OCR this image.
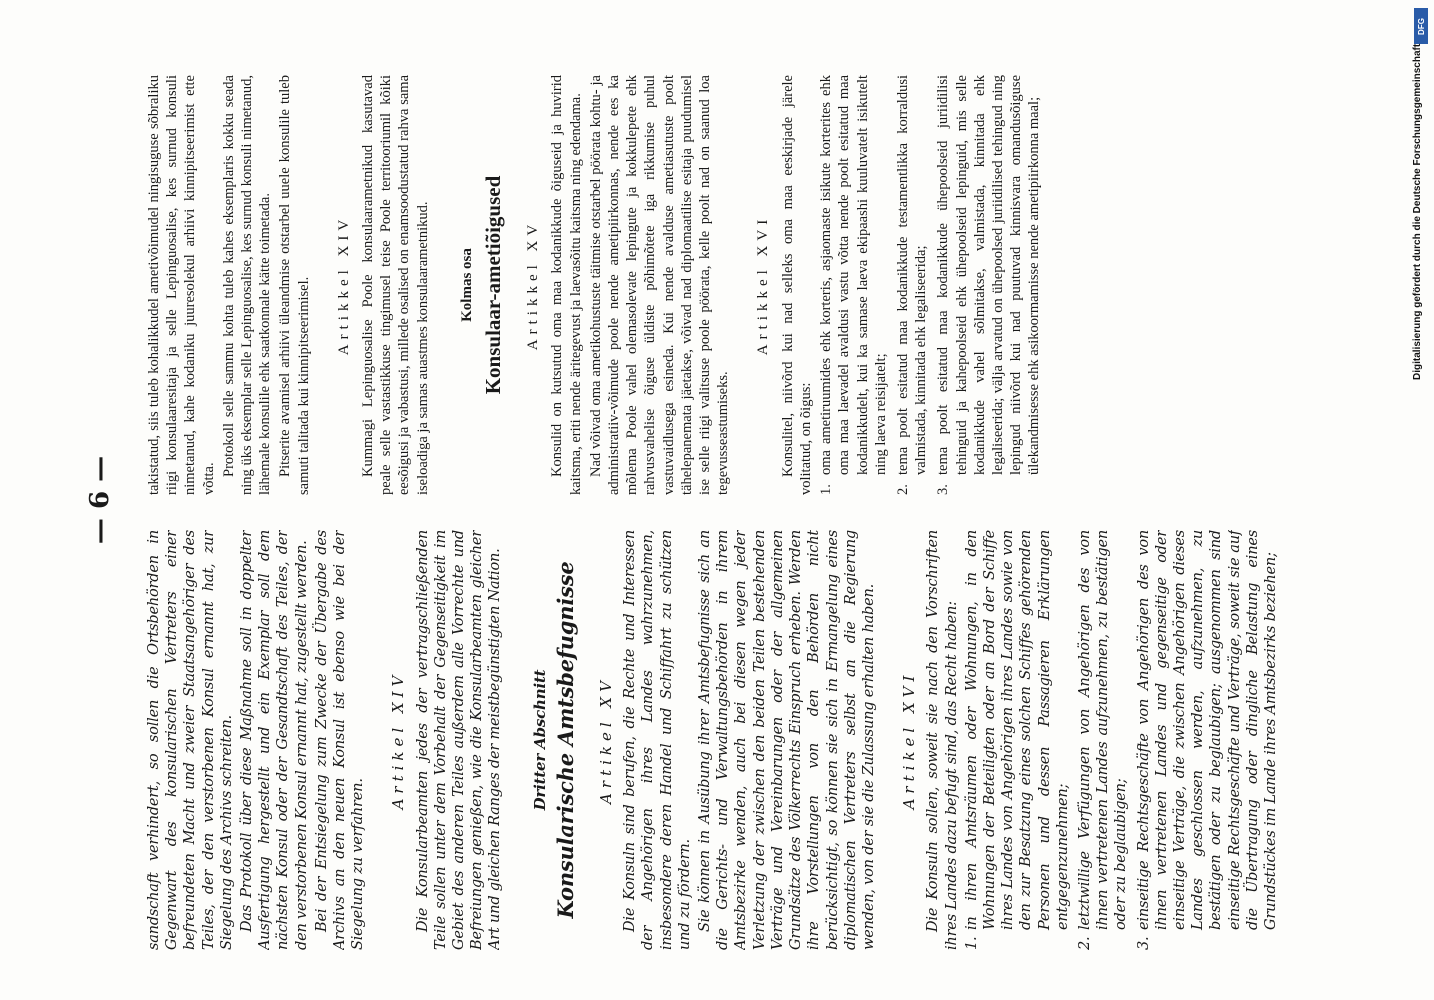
— 6 —

sandschaft verhindert, so sollen die Ortsbehörden in Gegenwart des konsularischen Vertreters einer befreundeten Macht und zweier Staatsangehöriger des Teiles, der den verstorbenen Konsul ernannt hat, zur Siegelung des Archivs schreiten. Das Protokoll über diese Maßnahme soll in doppelter Ausfertigung hergestellt und ein Exemplar soll dem nächsten Konsul oder der Gesandtschaft des Teiles, der den verstorbenen Konsul ernannt hat, zugestellt werden. Bei der Entsiegelung zum Zwecke der Übergabe des Archivs an den neuen Konsul ist ebenso wie bei der Siegelung zu verfahren.

Artikel XIV Die Konsularbeamten jedes der vertragschließenden Teile sollen unter dem Vorbehalt der Gegenseitigkeit im Gebiet des anderen Teiles außerdem alle Vorrechte und Befreiungen genießen, wie die Konsularbeamten gleicher Art und gleichen Ranges der meistbegünstigten Nation. Dritter Abschnitt Konsularische Amtsbefugnisse Artikel XV Die Konsuln sind berufen, die Rechte und Interessen der Angehörigen ihres Landes wahrzunehmen, insbesondere deren Handel und Schiffahrt zu schützen und zu fördern. Sie können in Ausübung ihrer Amtsbefugnisse sich an die Gerichts- und Verwaltungsbehörden in ihrem Amtsbezirke wenden, auch bei diesen wegen jeder Verletzung der zwischen den beiden Teilen bestehenden Verträge und Vereinbarungen oder der allgemeinen Grundsätze des Völkerrechts Einspruch erheben. Werden ihre Vorstellungen von den Behörden nicht berücksichtigt, so können sie sich in Ermangelung eines diplomatischen Vertreters selbst an die Regierung wenden, von der sie die Zulassung erhalten haben. Artikel XVI Die Konsuln sollen, soweit sie nach den Vorschriften ihres Landes dazu befugt sind, das Recht haben: 1.
in ihren Amtsräumen oder Wohnungen, in den Wohnungen der Beteiligten oder an Bord der Schiffe ihres Landes von Angehörigen ihres Landes sowie von den zur Besatzung eines solchen Schiffes gehörenden Personen und dessen Passagieren Erklärungen entgegenzunehmen;
2.
letztwillige Verfügungen von Angehörigen des von ihnen vertretenen Landes aufzunehmen, zu bestätigen oder zu beglaubigen;
3.
einseitige Rechtsgeschäfte von Angehörigen des von ihnen vertretenen Landes und gegenseitige oder einseitige Verträge, die zwischen Angehörigen dieses Landes geschlossen werden, aufzunehmen, zu bestätigen oder zu beglaubigen; ausgenommen sind einseitige Rechtsgeschäfte und Verträge, soweit sie auf die Übertragung oder dingliche Belastung eines Grundstückes im Lande ihres Amtsbezirks beziehen;

takistatud, siis tuleb kohalikkudel ametivõimudel ningisuguse sõbraliku riigi konsulaaresitaja ja selle Lepinguosalise, kes surnud konsuli nimetanud, kahe kodaniku juuresolekul arhiivi kinnipitseerimist ette võtta.

Protokoll selle sammu kohta tuleb kahes eksemplaris kokku seada ning üks eksemplar selle Lepinguosalise, kes surnud konsuli nimetanud, lähemale konsulile ehk saatkonnale kätte toimetada. Pitserite avamisel arhiivi üleandmise otstarbel uuele konsulile tuleb samuti talitada kui kinnipitseerimisel. Artikkel XIV Kummagi Lepinguosalise Poole konsulaarametnikud kasutavad peale selle vastastikkuse tingimusel teise Poole territooriumil kõiki eesõigusi ja vabastusi, millede osalised on enamsoodustatud rahva sama iseloadiga ja samas auastmes konsulaarametnikud. Kolmas osa Konsulaar-ametiõigused Artikkel XV Konsulid on kutsutud oma maa kodanikkude õiguseid ja huvirid kaitsma, eriti nende äritegevust ja laevasõitu kaitsma ning edendama. Nad võivad oma ametikohustuste täitmise otstarbel pöörata kohtu- ja administratiiv-võimude poole nende ametipiirkonnas, nende ees ka mõlema Poole vahel olemasolevate lepingute ja kokkulepete ehk rahvusvahelise õiguse üldiste põhimõtete iga rikkumise puhul vastuvaidlusega esineda. Kui nende avalduse ametiasutuste poolt tähelepanemata jäetakse, võivad nad diplomaatilise esitaja puudumisel ise selle riigi valitsuse poole pöörata, kelle poolt nad on saanud loa tegevusseastumiseks.

Artikkel XVI Konsulitel, niivõrd kui nad selleks oma maa eeskirjade järele volitatud, on õigus: 1.
oma ametiruumides ehk korteris, asjaomaste isikute korterites ehk oma maa laevadel avaldusi vastu võtta nende poolt esitatud maa kodanikkudelt, kui ka samase laeva ekipaashi kuuluvatelt isikutelt ning laeva reisijatelt;
2.
tema poolt esitatud maa kodanikkude testamentlikka korraldusi valmistada, kinnitada ehk legaliseerida;
3.
tema poolt esitatud maa kodanikkude ühepoolseid juriidilisi tehinguid ja kahepoolseid ehk ühepoolseid lepinguid, mis selle kodanikkude vahel sõlmitakse, valmistada, kinnitada ehk legaliseerida; välja arvatud on ühepoolsed juriidilised tehingud ning lepingud niivõrd kui nad puutuvad kinnisvara omandusõiguse ülekandmisesse ehk asikoormamisse nende ametipiirkonna maal;
DFG
Digitalisierung gefördert durch die Deutsche Forschungsgemeinschaft
